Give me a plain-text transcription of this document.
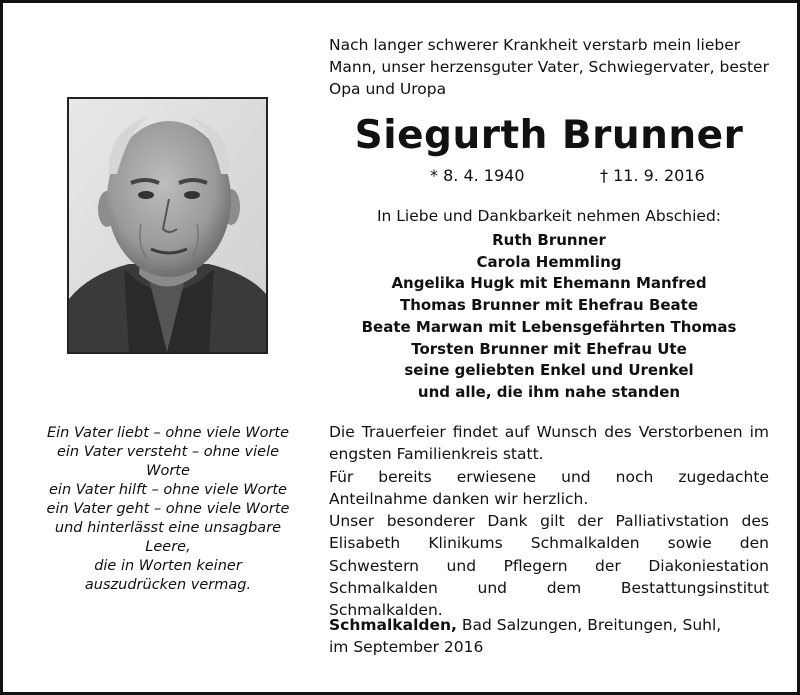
Nach langer schwerer Krankheit verstarb mein lieber Mann, unser herzensguter Vater, Schwiegervater, bester Opa und Uropa
Siegurth Brunner
* 8. 4. 1940	† 11. 9. 2016
In Liebe und Dankbarkeit nehmen Abschied:
Ruth Brunner
Carola Hemmling
Angelika Hugk mit Ehemann Manfred
Thomas Brunner mit Ehefrau Beate
Beate Marwan mit Lebensgefährten Thomas
Torsten Brunner mit Ehefrau Ute
seine geliebten Enkel und Urenkel
und alle, die ihm nahe standen
Ein Vater liebt – ohne viele Worte
ein Vater versteht – ohne viele Worte
ein Vater hilft – ohne viele Worte
ein Vater geht – ohne viele Worte
und hinterlässt eine unsagbare Leere,
die in Worten keiner
auszudrücken vermag.

Die Trauerfeier findet auf Wunsch des Verstorbenen im engsten Familienkreis statt.

Für bereits erwiesene und noch zugedachte Anteilnahme danken wir herzlich.

Unser besonderer Dank gilt der Palliativstation des Elisabeth Klinikums Schmalkalden sowie den Schwestern und Pflegern der Diakoniestation Schmalkalden und dem Bestattungsinstitut Schmalkalden.

Schmalkalden, Bad Salzungen, Breitungen, Suhl,
im September 2016
